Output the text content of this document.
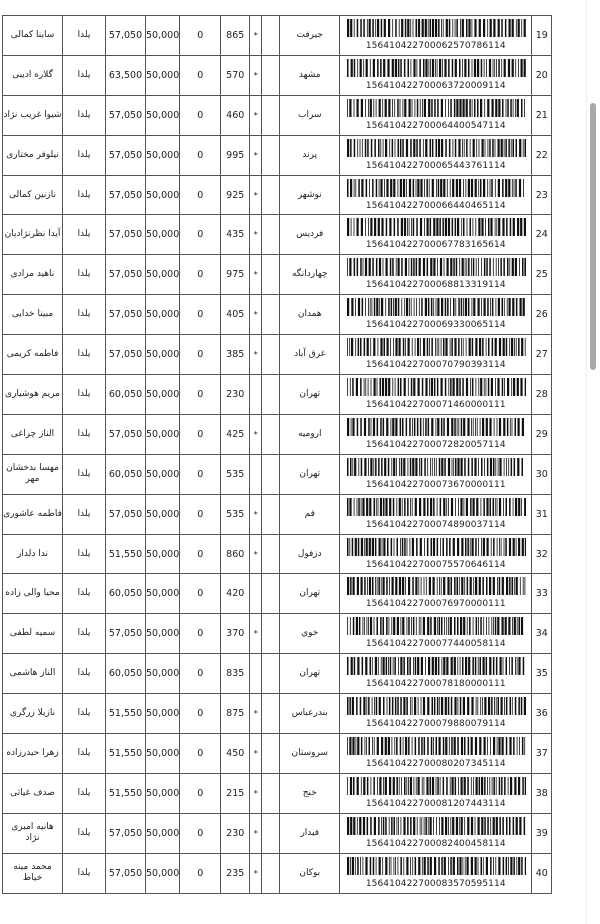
ساینا کمالی	یلدا	57,050	50,000	0	865	*		جیرفت	156410422700062570786114	19
گلاره ادیبی	یلدا	63,500	50,000	0	570	*		مشهد	156410422700063720009114	20
شیوا غریب نژاد	یلدا	57,050	50,000	0	460	*		سراب	156410422700064400547114	21
نیلوفر مختاری	یلدا	57,050	50,000	0	995	*		پرند	156410422700065443761114	22
نازنین کمالی	یلدا	57,050	50,000	0	925	*		نوشهر	156410422700066440465114	23
آیدا نظرنژادیان	یلدا	57,050	50,000	0	435	*		فردیس	156410422700067783165614	24
ناهید مرادی	یلدا	57,050	50,000	0	975	*		چهاردانگه	156410422700068813319114	25
مبینا خدایی	یلدا	57,050	50,000	0	405	*		همدان	156410422700069330065114	26
فاطمه کریمی	یلدا	57,050	50,000	0	385	*		غرق آباد	156410422700070790393114	27
مریم هوشیاری	یلدا	60,050	50,000	0	230			تهران	156410422700071460000111	28
الناز چراغی	یلدا	57,050	50,000	0	425	*		ارومیه	156410422700072820057114	29
مهسا بدخشان مهر	یلدا	60,050	50,000	0	535			تهران	156410422700073670000111	30
فاطمه عاشوری	یلدا	57,050	50,000	0	535	*		قم	156410422700074890037114	31
ندا دلدار	یلدا	51,550	50,000	0	860	*		دزفول	156410422700075570646114	32
محیا والی زاده	یلدا	60,050	50,000	0	420			تهران	156410422700076970000111	33
سمیه لطفی	یلدا	57,050	50,000	0	370	*		خوي	156410422700077440058114	34
الناز هاشمی	یلدا	60,050	50,000	0	835			تهران	156410422700078180000111	35
نازیلا زرگری	یلدا	51,550	50,000	0	875	*		بندرعباس	156410422700079880079114	36
زهرا حیدرزاده	یلدا	51,550	50,000	0	450	*		سروستان	156410422700080207345114	37
صدف غیاثی	یلدا	51,550	50,000	0	215	*		خنج	156410422700081207443114	38
هانیه امیری نژاد	یلدا	57,050	50,000	0	230	*		فیدار	156410422700082400458114	39
محمد مینه خیاط	یلدا	57,050	50,000	0	235	*		بوکان	156410422700083570595114	40
